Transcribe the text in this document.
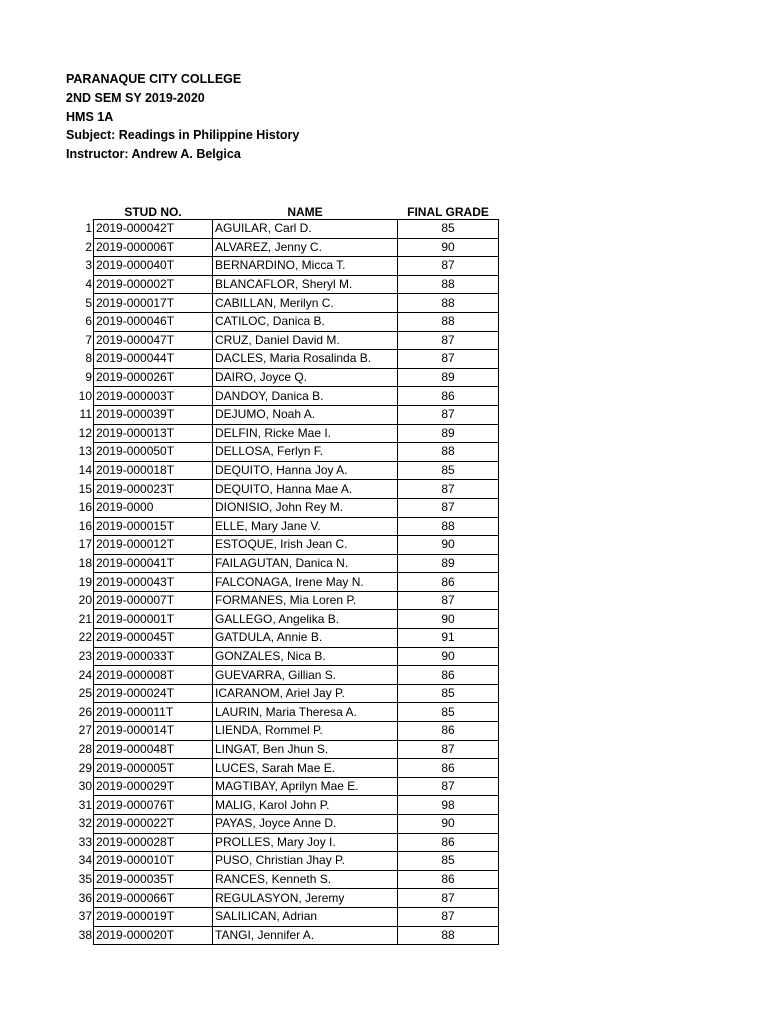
PARANAQUE CITY COLLEGE
2ND SEM SY 2019-2020
HMS 1A
Subject: Readings in Philippine History
Instructor: Andrew A. Belgica
	STUD NO.	NAME	FINAL GRADE
1	2019-000042T	AGUILAR, Carl D.	85
2	2019-000006T	ALVAREZ, Jenny C.	90
3	2019-000040T	BERNARDINO, Micca T.	87
4	2019-000002T	BLANCAFLOR, Sheryl M.	88
5	2019-000017T	CABILLAN, Merilyn C.	88
6	2019-000046T	CATILOC, Danica B.	88
7	2019-000047T	CRUZ, Daniel David M.	87
8	2019-000044T	DACLES, Maria Rosalinda B.	87
9	2019-000026T	DAIRO, Joyce Q.	89
10	2019-000003T	DANDOY, Danica B.	86
11	2019-000039T	DEJUMO, Noah A.	87
12	2019-000013T	DELFIN, Ricke Mae I.	89
13	2019-000050T	DELLOSA, Ferlyn F.	88
14	2019-000018T	DEQUITO, Hanna Joy A.	85
15	2019-000023T	DEQUITO, Hanna Mae A.	87
16	2019-0000	DIONISIO, John Rey M.	87
16	2019-000015T	ELLE, Mary Jane V.	88
17	2019-000012T	ESTOQUE, Irish Jean C.	90
18	2019-000041T	FAILAGUTAN, Danica N.	89
19	2019-000043T	FALCONAGA, Irene May N.	86
20	2019-000007T	FORMANES, Mia Loren P.	87
21	2019-000001T	GALLEGO, Angelika B.	90
22	2019-000045T	GATDULA, Annie B.	91
23	2019-000033T	GONZALES, Nica B.	90
24	2019-000008T	GUEVARRA, Gillian S.	86
25	2019-000024T	ICARANOM, Ariel Jay P.	85
26	2019-000011T	LAURIN, Maria Theresa A.	85
27	2019-000014T	LIENDA, Rommel P.	86
28	2019-000048T	LINGAT, Ben Jhun S.	87
29	2019-000005T	LUCES, Sarah Mae E.	86
30	2019-000029T	MAGTIBAY, Aprilyn Mae E.	87
31	2019-000076T	MALIG, Karol John P.	98
32	2019-000022T	PAYAS, Joyce Anne D.	90
33	2019-000028T	PROLLES, Mary Joy I.	86
34	2019-000010T	PUSO, Christian Jhay P.	85
35	2019-000035T	RANCES, Kenneth S.	86
36	2019-000066T	REGULASYON, Jeremy	87
37	2019-000019T	SALILICAN, Adrian	87
38	2019-000020T	TANGI, Jennifer A.	88
